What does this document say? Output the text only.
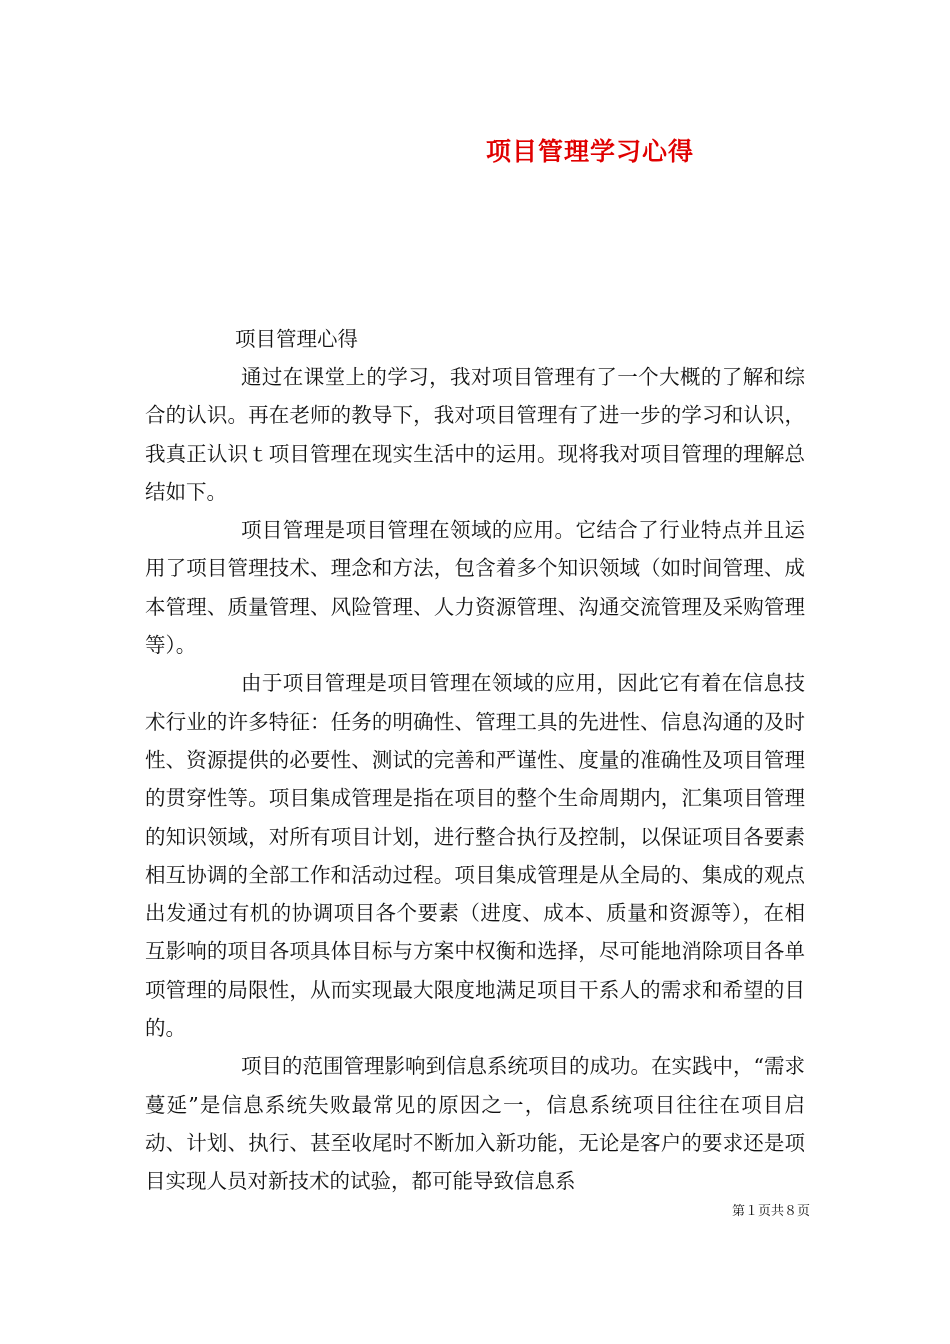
项目管理学习心得

项目管理心得

通过在课堂上的学习，我对项目管理有了一个大概的了解和综合的认识。再在老师的教导下，我对项目管理有了进一步的学习和认识，我真正认识ｔ项目管理在现实生活中的运用。现将我对项目管理的理解总结如下。

项目管理是项目管理在领域的应用。它结合了行业特点并且运用了项目管理技术、理念和方法，包含着多个知识领域（如时间管理、成本管理、质量管理、风险管理、人力资源管理、沟通交流管理及采购管理等）。

由于项目管理是项目管理在领域的应用，因此它有着在信息技术行业的许多特征：任务的明确性、管理工具的先进性、信息沟通的及时性、资源提供的必要性、测试的完善和严谨性、度量的准确性及项目管理的贯穿性等。项目集成管理是指在项目的整个生命周期内，汇集项目管理的知识领域，对所有项目计划，进行整合执行及控制，以保证项目各要素相互协调的全部工作和活动过程。项目集成管理是从全局的、集成的观点出发通过有机的协调项目各个要素（进度、成本、质量和资源等），在相互影响的项目各项具体目标与方案中权衡和选择，尽可能地消除项目各单项管理的局限性，从而实现最大限度地满足项目干系人的需求和希望的目的。

项目的范围管理影响到信息系统项目的成功。在实践中，“需求蔓延”是信息系统失败最常见的原因之一，信息系统项目往往在项目启动、计划、执行、甚至收尾时不断加入新功能，无论是客户的要求还是项目实现人员对新技术的试验，都可能导致信息系

第１页共８页
